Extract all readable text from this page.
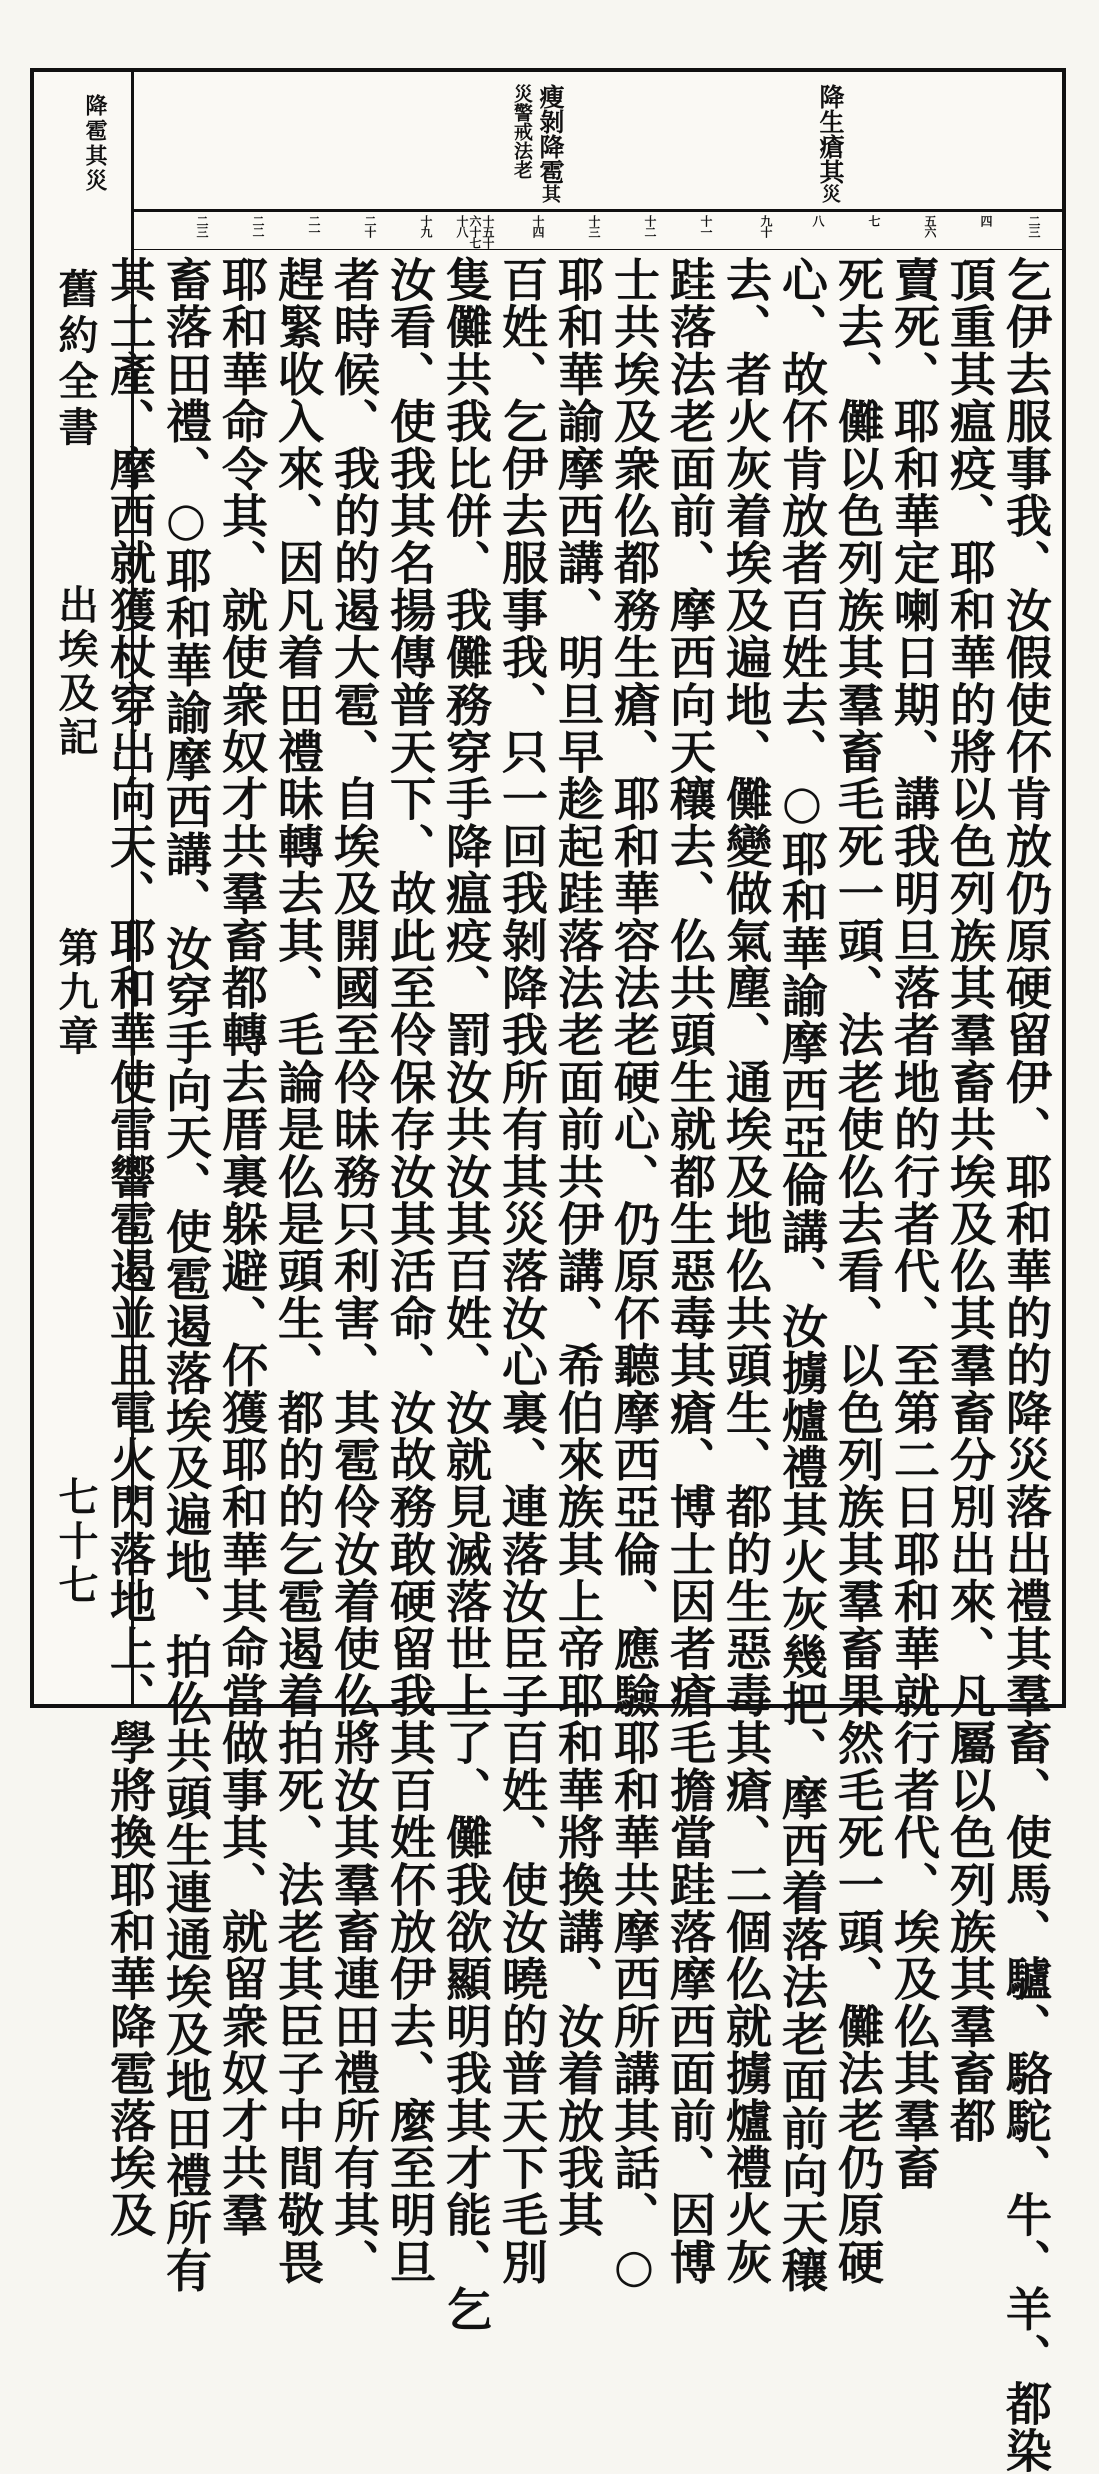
降雹其災
舊約全書
出埃及記
第九章
七十七
降生瘡其災
瘦剝降雹其災警戒法老
二三
四
五六
七
八
九十
十一
十二
十三
十四
十五十六十七十八
十九
二十
二一
二二
二三
乞伊去服事我、汝假使伓肯放仍原硬留伊、耶和華的的降災落出禮其羣畜、使馬、驢、駱駝、牛、羊、都染
頂重其瘟疫、耶和華的將以色列族其羣畜共埃及仫其羣畜分別出來、凡屬以色列族其羣畜都
賣死、耶和華定喇日期、講我明旦落者地的行者代、至第二日耶和華就行者代、埃及仫其羣畜
死去、儺以色列族其羣畜毛死一頭、法老使仫去看、以色列族其羣畜果然毛死一頭、儺法老仍原硬
心、故伓肯放者百姓去、○耶和華諭摩西亞倫講、汝擄爐禮其火灰幾把、摩西着落法老面前向天穰
去、者火灰着埃及遍地、儺變做氣塵、通埃及地仫共頭生、都的生惡毒其瘡、二個仫就擄爐禮火灰
跬落法老面前、摩西向天穰去、仫共頭生就都生惡毒其瘡、博士因者瘡毛擔當跬落摩西面前、因博
士共埃及衆仫都務生瘡、耶和華容法老硬心、仍原伓聽摩西亞倫、應驗耶和華共摩西所講其話、○
耶和華諭摩西講、明旦早趁起跬落法老面前共伊講、希伯來族其上帝耶和華將換講、汝着放我其
百姓、乞伊去服事我、只一回我剝降我所有其災落汝心裏、連落汝臣子百姓、使汝曉的普天下毛別
隻儺共我比併、我儺務穿手降瘟疫、罰汝共汝其百姓、汝就見滅落世上了、儺我欲顯明我其才能、乞
汝看、使我其名揚傳普天下、故此至伶保存汝其活命、汝故務敢硬留我其百姓伓放伊去、麼至明旦
者時候、我的的遏大雹、自埃及開國至伶昧務只利害、其雹伶汝着使仫將汝其羣畜連田禮所有其、
趕緊收入來、因凡着田禮昧轉去其、毛論是仫是頭生、都的的乞雹遏着拍死、法老其臣子中間敬畏
耶和華命令其、就使衆奴才共羣畜都轉去厝裏躲避、伓獲耶和華其命當做事其、就留衆奴才共羣
畜落田禮、○耶和華諭摩西講、汝穿手向天、使雹遏落埃及遍地、拍仫共頭生連通埃及地田禮所有
其土產、摩西就獲杖穿出向天、耶和華使雷響雹遏並且電火閃落地上、學將換耶和華降雹落埃及
